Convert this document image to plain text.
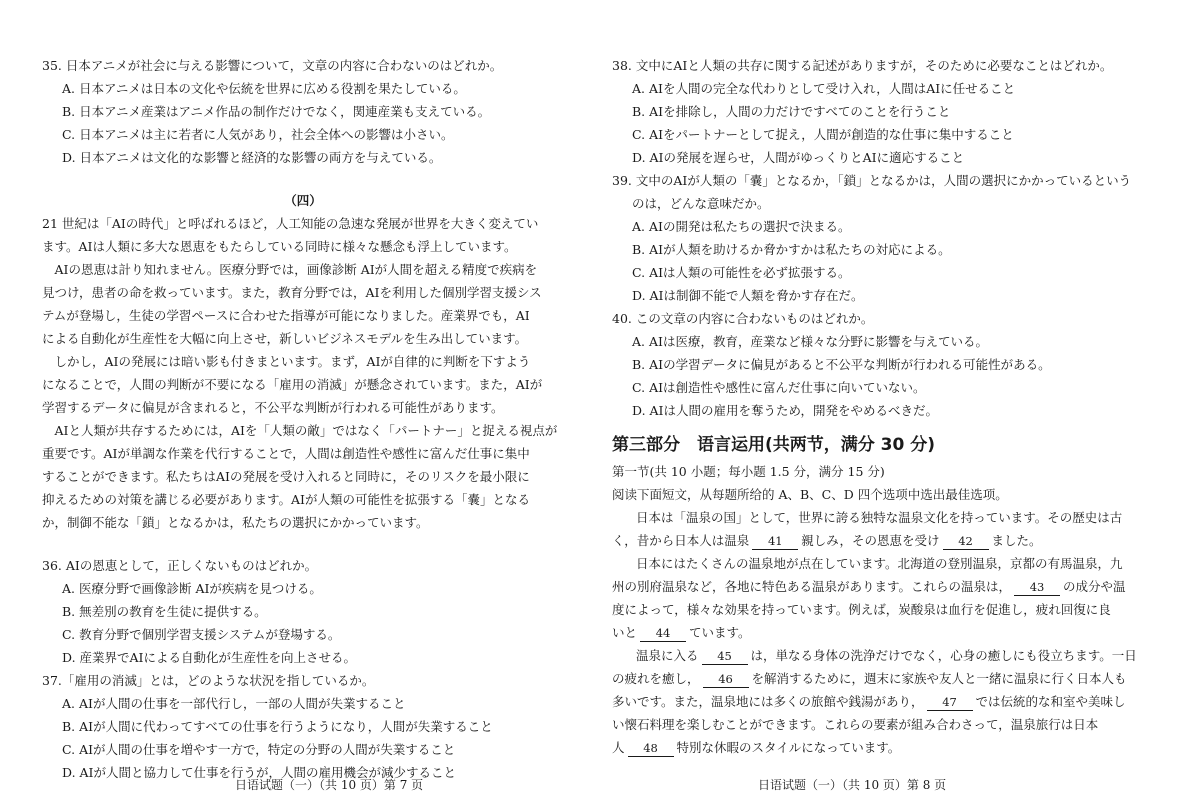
35. 日本アニメが社会に与える影響について，文章の内容に合わないのはどれか。
A. 日本アニメは日本の文化や伝統を世界に広める役割を果たしている。
B. 日本アニメ産業はアニメ作品の制作だけでなく，関連産業も支えている。
C. 日本アニメは主に若者に人気があり，社会全体への影響は小さい。
D. 日本アニメは文化的な影響と経済的な影響の両方を与えている。
（四）
21 世紀は「AIの時代」と呼ばれるほど，人工知能の急速な発展が世界を大きく変えてい
ます。AIは人類に多大な恩恵をもたらしている同時に様々な懸念も浮上しています。
　AIの恩恵は計り知れません。医療分野では，画像診断 AIが人間を超える精度で疾病を
見つけ，患者の命を救っています。また，教育分野では，AIを利用した個別学習支援シス
テムが登場し，生徒の学習ペースに合わせた指導が可能になりました。産業界でも，AI
による自動化が生産性を大幅に向上させ，新しいビジネスモデルを生み出しています。
　しかし，AIの発展には暗い影も付きまといます。まず，AIが自律的に判断を下すよう
になることで，人間の判断が不要になる「雇用の消滅」が懸念されています。また，AIが
学習するデータに偏見が含まれると，不公平な判断が行われる可能性があります。
　AIと人類が共存するためには，AIを「人類の敵」ではなく「パートナー」と捉える視点が
重要です。AIが単調な作業を代行することで，人間は創造性や感性に富んだ仕事に集中
することができます。私たちはAIの発展を受け入れると同時に，そのリスクを最小限に
抑えるための対策を講じる必要があります。AIが人類の可能性を拡張する「嚢」となる
か，制御不能な「鎖」となるかは，私たちの選択にかかっています。
36. AIの恩恵として，正しくないものはどれか。
A. 医療分野で画像診断 AIが疾病を見つける。
B. 無差別の教育を生徒に提供する。
C. 教育分野で個別学習支援システムが登場する。
D. 産業界でAIによる自動化が生産性を向上させる。
37.「雇用の消滅」とは，どのような状況を指しているか。
A. AIが人間の仕事を一部代行し，一部の人間が失業すること
B. AIが人間に代わってすべての仕事を行うようになり，人間が失業すること
C. AIが人間の仕事を増やす一方で，特定の分野の人間が失業すること
D. AIが人間と協力して仕事を行うが，人間の雇用機会が減少すること
日语试题（一）（共 10 页）第 7 页
38. 文中にAIと人類の共存に関する記述がありますが，そのために必要なことはどれか。
A. AIを人間の完全な代わりとして受け入れ，人間はAIに任せること
B. AIを排除し，人間の力だけですべてのことを行うこと
C. AIをパートナーとして捉え，人間が創造的な仕事に集中すること
D. AIの発展を遅らせ，人間がゆっくりとAIに適応すること
39. 文中のAIが人類の「嚢」となるか，「鎖」となるかは，人間の選択にかかっているという
のは，どんな意味だか。
A. AIの開発は私たちの選択で決まる。
B. AIが人類を助けるか脅かすかは私たちの対応による。
C. AIは人類の可能性を必ず拡張する。
D. AIは制御不能で人類を脅かす存在だ。
40. この文章の内容に合わないものはどれか。
A. AIは医療，教育，産業など様々な分野に影響を与えている。
B. AIの学習データに偏見があると不公平な判断が行われる可能性がある。
C. AIは創造性や感性に富んだ仕事に向いていない。
D. AIは人間の雇用を奪うため，開発をやめるべきだ。
第三部分　语言运用(共两节，满分 30 分)
第一节(共 10 小题；每小题 1.5 分，满分 15 分)
阅读下面短文，从每题所给的 A、B、C、D 四个选项中选出最佳选项。
日本は「温泉の国」として，世界に誇る独特な温泉文化を持っています。その歴史は古
く，昔から日本人は温泉 41 親しみ，その恩恵を受け 42 ました。
日本にはたくさんの温泉地が点在しています。北海道の登別温泉，京都の有馬温泉，九
州の別府温泉など，各地に特色ある温泉があります。これらの温泉は， 43 の成分や温
度によって，様々な効果を持っています。例えば，炭酸泉は血行を促進し，疲れ回復に良
いと 44 ています。
温泉に入る 45 は，単なる身体の洗浄だけでなく，心身の癒しにも役立ちます。一日
の疲れを癒し， 46 を解消するために，週末に家族や友人と一緒に温泉に行く日本人も
多いです。また，温泉地には多くの旅館や銭湯があり， 47 では伝統的な和室や美味し
い懐石料理を楽しむことができます。これらの要素が組み合わさって，温泉旅行は日本
人 48 特別な休暇のスタイルになっています。
日语试题（一）（共 10 页）第 8 页
